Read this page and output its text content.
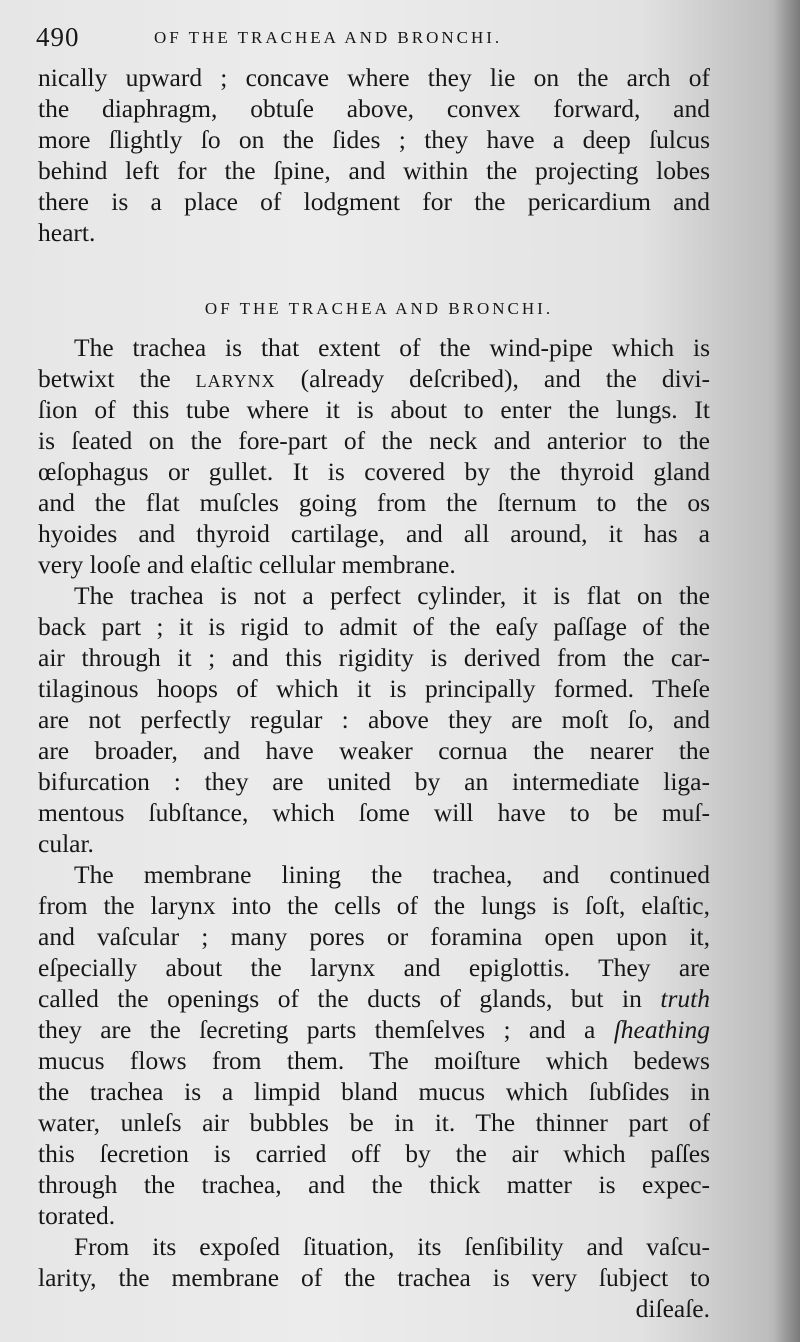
490	OF THE TRACHEA AND BRONCHI.
nically upward ; concave where they lie on the arch of
the diaphragm, obtuſe above, convex forward, and
more ſlightly ſo on the ſides ; they have a deep ſulcus
behind left for the ſpine, and within the projecting lobes
there is a place of lodgment for the pericardium and
heart.
OF THE TRACHEA AND BRONCHI.
The trachea is that extent of the wind-pipe which is
betwixt the larynx (already deſcribed), and the divi-
ſion of this tube where it is about to enter the lungs. It
is ſeated on the fore-part of the neck and anterior to the
œſophagus or gullet. It is covered by the thyroid gland
and the flat muſcles going from the ſternum to the os
hyoides and thyroid cartilage, and all around, it has a
very looſe and elaſtic cellular membrane.
The trachea is not a perfect cylinder, it is flat on the
back part ; it is rigid to admit of the eaſy paſſage of the
air through it ; and this rigidity is derived from the car-
tilaginous hoops of which it is principally formed. Theſe
are not perfectly regular : above they are moſt ſo, and
are broader, and have weaker cornua the nearer the
bifurcation : they are united by an intermediate liga-
mentous ſubſtance, which ſome will have to be muſ-
cular.
The membrane lining the trachea, and continued
from the larynx into the cells of the lungs is ſoſt, elaſtic,
and vaſcular ; many pores or foramina open upon it,
eſpecially about the larynx and epiglottis. They are
called the openings of the ducts of glands, but in truth
they are the ſecreting parts themſelves ; and a ſheathing
mucus flows from them. The moiſture which bedews
the trachea is a limpid bland mucus which ſubſides in
water, unleſs air bubbles be in it. The thinner part of
this ſecretion is carried off by the air which paſſes
through the trachea, and the thick matter is expec-
torated.
From its expoſed ſituation, its ſenſibility and vaſcu-
larity, the membrane of the trachea is very ſubject to
diſeaſe.
